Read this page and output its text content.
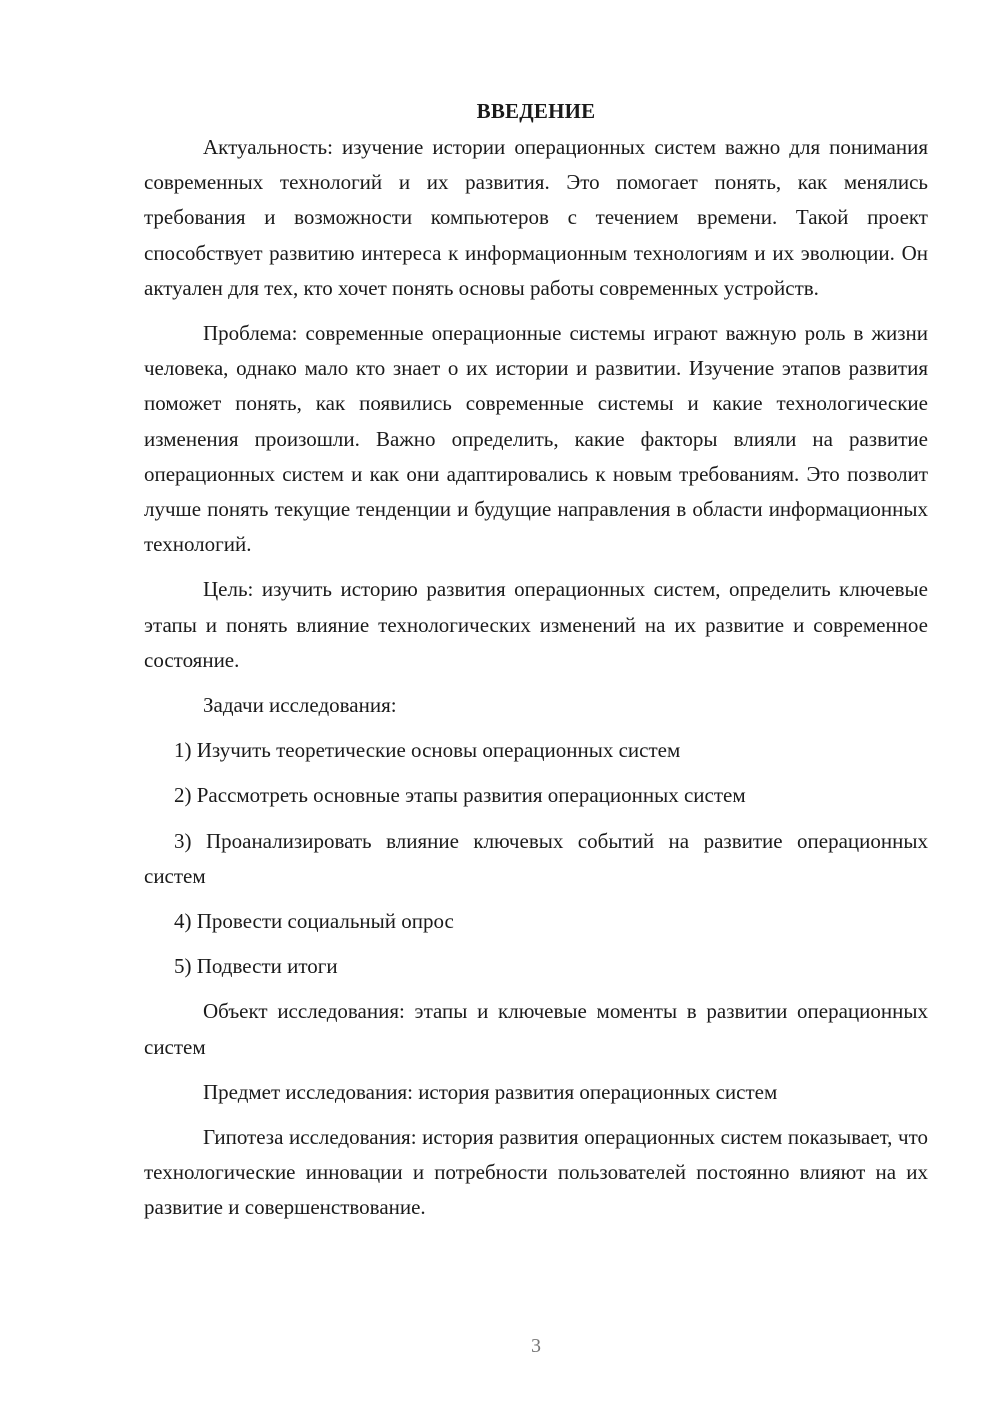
ВВЕДЕНИЕ

Актуальность: изучение истории операционных систем важно для понимания современных технологий и их развития. Это помогает понять, как менялись требования и возможности компьютеров с течением времени. Такой проект способствует развитию интереса к информационным технологиям и их эволюции. Он актуален для тех, кто хочет понять основы работы современных устройств.

Проблема: современные операционные системы играют важную роль в жизни человека, однако мало кто знает о их истории и развитии. Изучение этапов развития поможет понять, как появились современные системы и какие технологические изменения произошли. Важно определить, какие факторы влияли на развитие операционных систем и как они адаптировались к новым требованиям. Это позволит лучше понять текущие тенденции и будущие направления в области информационных технологий.

Цель: изучить историю развития операционных систем, определить ключевые этапы и понять влияние технологических изменений на их развитие и современное состояние.

Задачи исследования:

1) Изучить теоретические основы операционных систем

2) Рассмотреть основные этапы развития операционных систем

3) Проанализировать влияние ключевых событий на развитие операционных систем

4) Провести социальный опрос

5) Подвести итоги

Объект исследования: этапы и ключевые моменты в развитии операционных систем

Предмет исследования: история развития операционных систем

Гипотеза исследования: история развития операционных систем показывает, что технологические инновации и потребности пользователей постоянно влияют на их развитие и совершенствование.

3
